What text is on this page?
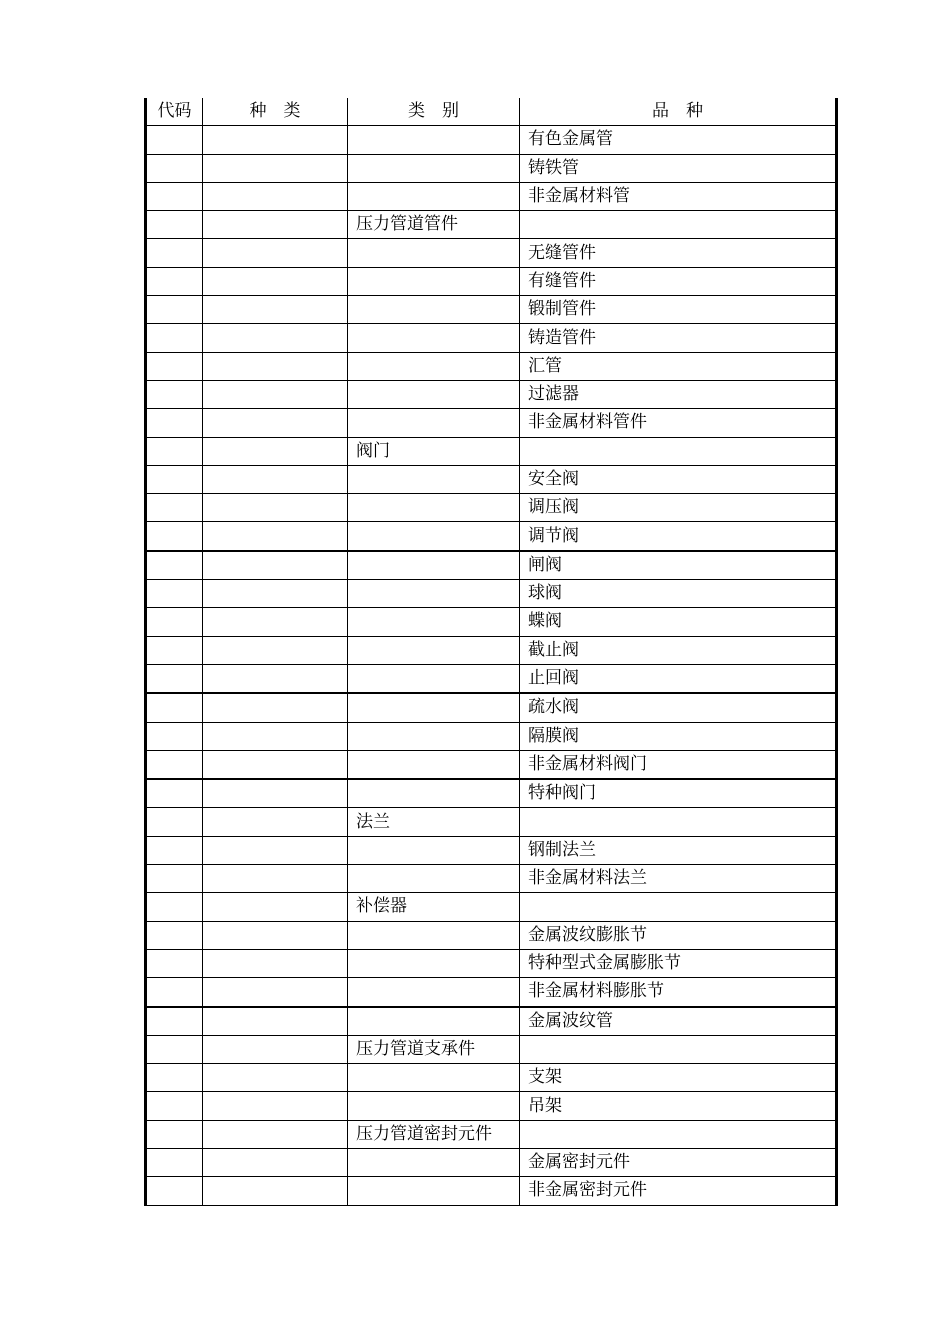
代码	种　类	类　别	品　种
			有色金属管
			铸铁管
			非金属材料管
		压力管道管件	
			无缝管件
			有缝管件
			锻制管件
			铸造管件
			汇管
			过滤器
			非金属材料管件
		阀门	
			安全阀
			调压阀
			调节阀
			闸阀
			球阀
			蝶阀
			截止阀
			止回阀
			疏水阀
			隔膜阀
			非金属材料阀门
			特种阀门
		法兰	
			钢制法兰
			非金属材料法兰
		补偿器	
			金属波纹膨胀节
			特种型式金属膨胀节
			非金属材料膨胀节
			金属波纹管
		压力管道支承件	
			支架
			吊架
		压力管道密封元件	
			金属密封元件
			非金属密封元件
